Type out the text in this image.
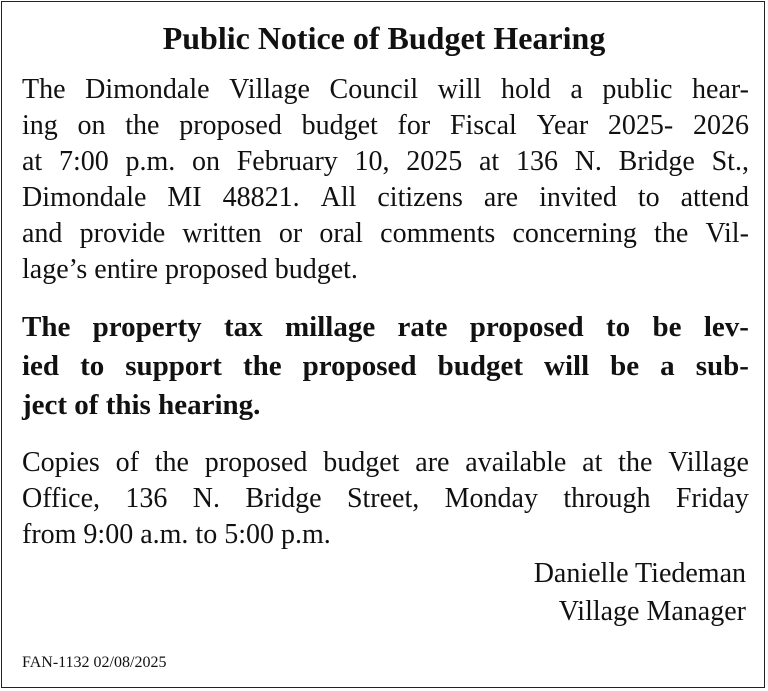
Public Notice of Budget Hearing
The Dimondale Village Council will hold a public hear-
ing on the proposed budget for Fiscal Year 2025- 2026
at 7:00 p.m. on February 10, 2025 at 136 N. Bridge St.,
Dimondale MI 48821. All citizens are invited to attend
and provide written or oral comments concerning the Vil-
lage’s entire proposed budget.
The property tax millage rate proposed to be lev-
ied to support the proposed budget will be a sub-
ject of this hearing.
Copies of the proposed budget are available at the Village
Office, 136 N. Bridge Street, Monday through Friday
from 9:00 a.m. to 5:00 p.m.
Danielle Tiedeman
Village Manager
FAN-1132 02/08/2025
